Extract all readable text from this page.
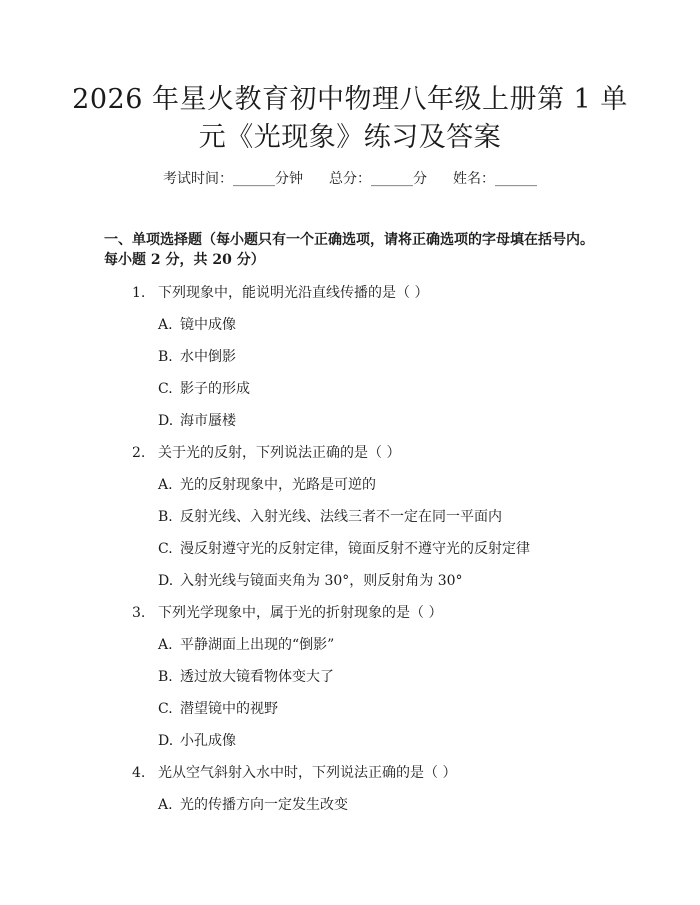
2026 年星火教育初中物理八年级上册第 1 单
元《光现象》练习及答案
考试时间：______分钟 总分：______分 姓名：______
一、单项选择题（每小题只有一个正确选项，请将正确选项的字母填在括号内。
每小题 2 分，共 20 分）
1. 下列现象中，能说明光沿直线传播的是（ ）
A. 镜中成像
B. 水中倒影
C. 影子的形成
D. 海市蜃楼
2. 关于光的反射，下列说法正确的是（ ）
A. 光的反射现象中，光路是可逆的
B. 反射光线、入射光线、法线三者不一定在同一平面内
C. 漫反射遵守光的反射定律，镜面反射不遵守光的反射定律
D. 入射光线与镜面夹角为 30°，则反射角为 30°
3. 下列光学现象中，属于光的折射现象的是（ ）
A. 平静湖面上出现的“倒影”
B. 透过放大镜看物体变大了
C. 潜望镜中的视野
D. 小孔成像
4. 光从空气斜射入水中时，下列说法正确的是（ ）
A. 光的传播方向一定发生改变
